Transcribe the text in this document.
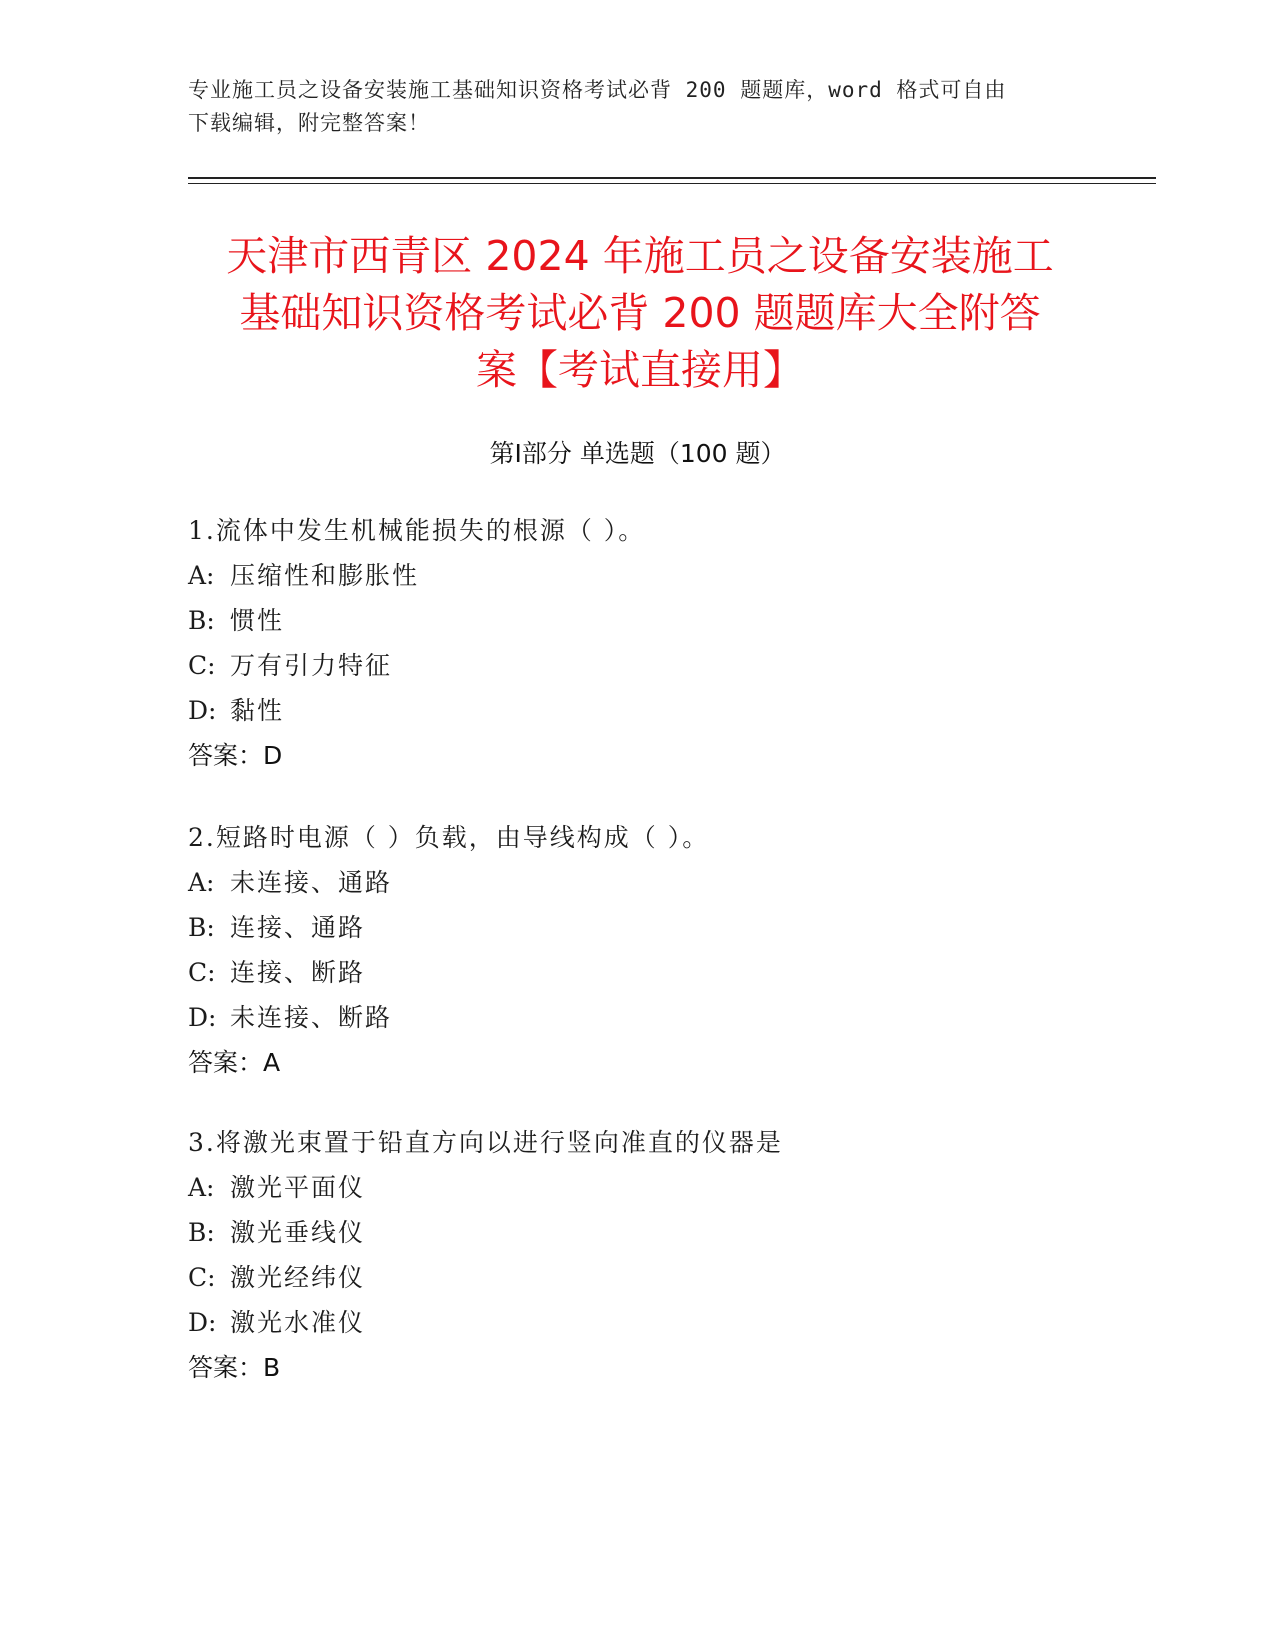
专业施工员之设备安装施工基础知识资格考试必背 200 题题库，word 格式可自由
下载编辑，附完整答案！
天津市西青区 2024 年施工员之设备安装施工
基础知识资格考试必背 200 题题库大全附答
案【考试直接用】
第Ⅰ部分 单选题（100 题）
1.流体中发生机械能损失的根源（ ）。
A: 压缩性和膨胀性
B: 惯性
C: 万有引力特征
D: 黏性
答案：D
2.短路时电源（ ）负载，由导线构成（ ）。
A: 未连接、通路
B: 连接、通路
C: 连接、断路
D: 未连接、断路
答案：A
3.将激光束置于铅直方向以进行竖向准直的仪器是
A: 激光平面仪
B: 激光垂线仪
C: 激光经纬仪
D: 激光水准仪
答案：B
